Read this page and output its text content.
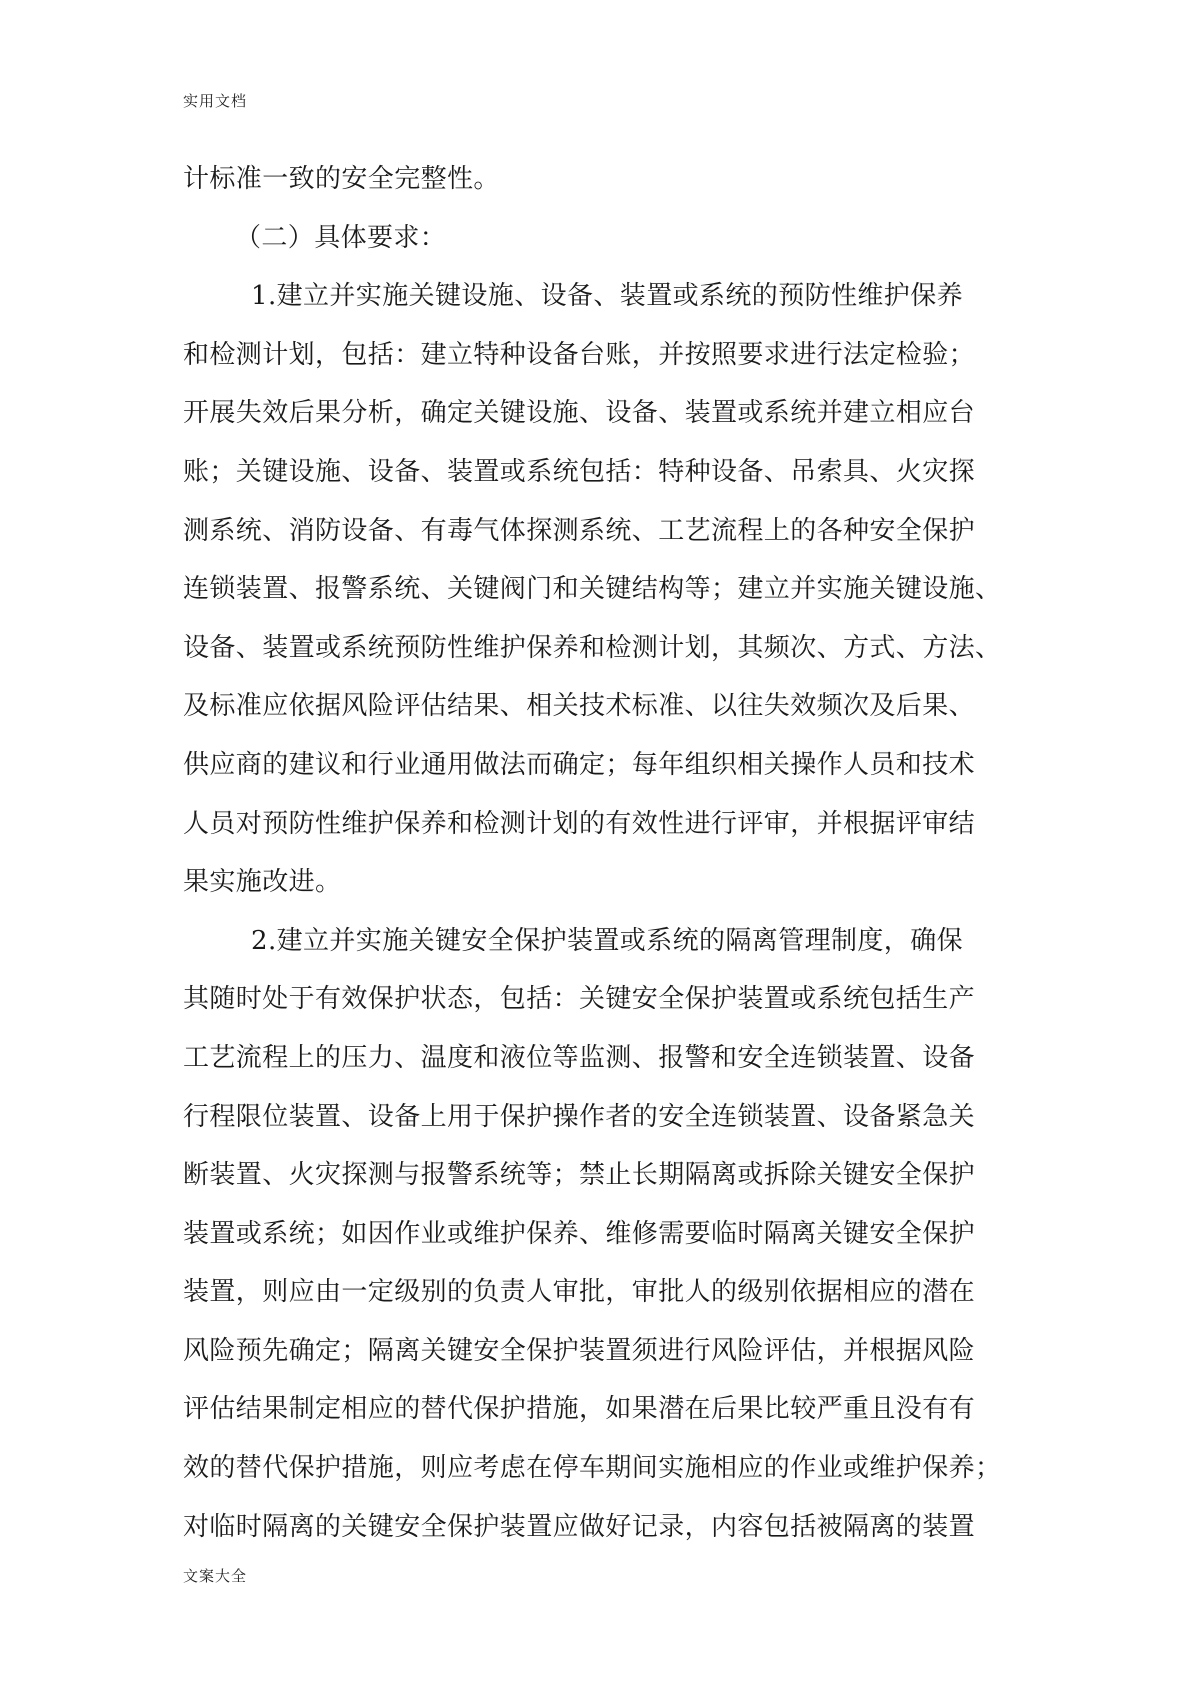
实用文档
计标准一致的安全完整性。
（二）具体要求：
1.建立并实施关键设施、设备、装置或系统的预防性维护保养
和检测计划，包括：建立特种设备台账，并按照要求进行法定检验；
开展失效后果分析，确定关键设施、设备、装置或系统并建立相应台
账；关键设施、设备、装置或系统包括：特种设备、吊索具、火灾探
测系统、消防设备、有毒气体探测系统、工艺流程上的各种安全保护
连锁装置、报警系统、关键阀门和关键结构等；建立并实施关键设施、
设备、装置或系统预防性维护保养和检测计划，其频次、方式、方法、
及标准应依据风险评估结果、相关技术标准、以往失效频次及后果、
供应商的建议和行业通用做法而确定；每年组织相关操作人员和技术
人员对预防性维护保养和检测计划的有效性进行评审，并根据评审结
果实施改进。
2.建立并实施关键安全保护装置或系统的隔离管理制度，确保
其随时处于有效保护状态，包括：关键安全保护装置或系统包括生产
工艺流程上的压力、温度和液位等监测、报警和安全连锁装置、设备
行程限位装置、设备上用于保护操作者的安全连锁装置、设备紧急关
断装置、火灾探测与报警系统等；禁止长期隔离或拆除关键安全保护
装置或系统；如因作业或维护保养、维修需要临时隔离关键安全保护
装置，则应由一定级别的负责人审批，审批人的级别依据相应的潜在
风险预先确定；隔离关键安全保护装置须进行风险评估，并根据风险
评估结果制定相应的替代保护措施，如果潜在后果比较严重且没有有
效的替代保护措施，则应考虑在停车期间实施相应的作业或维护保养；
对临时隔离的关键安全保护装置应做好记录，内容包括被隔离的装置
文案大全
